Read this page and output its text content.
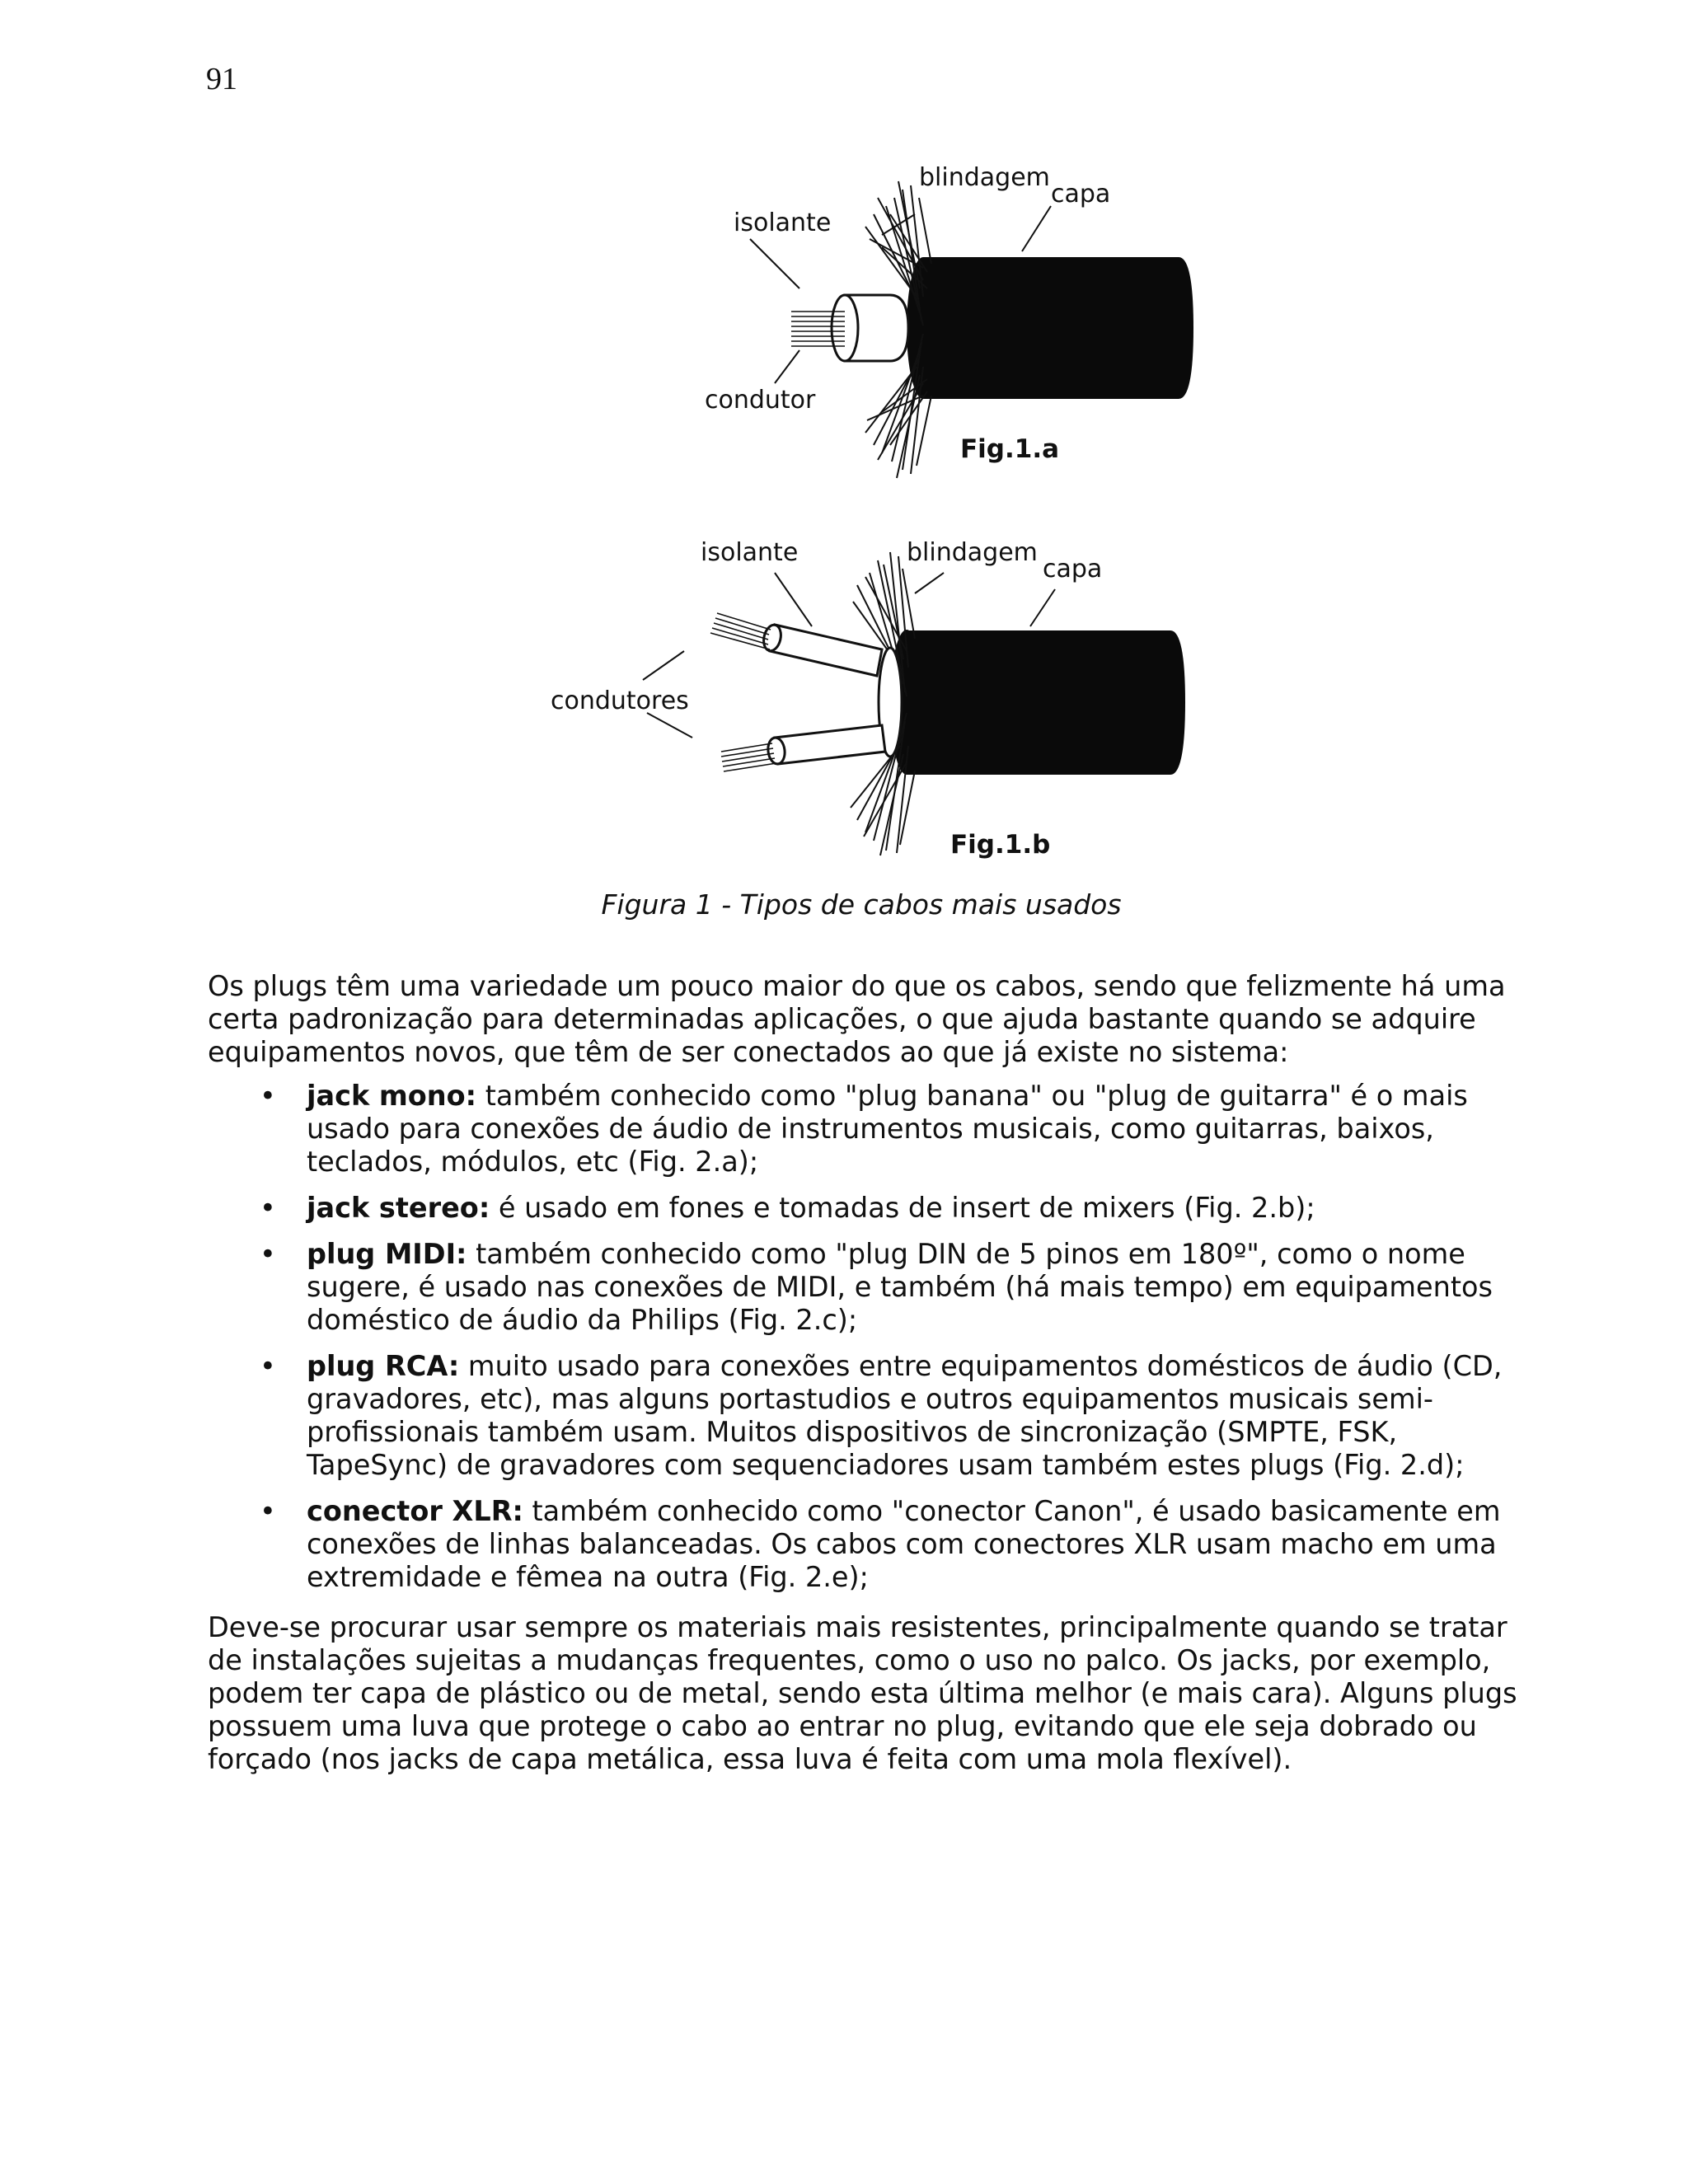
91
blindagem
capa
isolante
condutor
Fig.1.a
isolante	blindagem
capa
condutores
Fig.1.b
Figura 1 - Tipos de cabos mais usados

Os plugs têm uma variedade um pouco maior do que os cabos, sendo que felizmente há uma certa padronização para determinadas aplicações, o que ajuda bastante quando se adquire equipamentos novos, que têm de ser conectados ao que já existe no sistema:

• jack mono: também conhecido como "plug banana" ou "plug de guitarra" é o mais usado para conexões de áudio de instrumentos musicais, como guitarras, baixos, teclados, módulos, etc (Fig. 2.a);
• jack stereo: é usado em fones e tomadas de insert de mixers (Fig. 2.b);
• plug MIDI: também conhecido como "plug DIN de 5 pinos em 180º", como o nome sugere, é usado nas conexões de MIDI, e também (há mais tempo) em equipamentos doméstico de áudio da Philips (Fig. 2.c);
• plug RCA: muito usado para conexões entre equipamentos domésticos de áudio (CD, gravadores, etc), mas alguns portastudios e outros equipamentos musicais semi-profissionais também usam. Muitos dispositivos de sincronização (SMPTE, FSK, TapeSync) de gravadores com sequenciadores usam também estes plugs (Fig. 2.d);
• conector XLR: também conhecido como "conector Canon", é usado basicamente em conexões de linhas balanceadas. Os cabos com conectores XLR usam macho em uma extremidade e fêmea na outra (Fig. 2.e);

Deve-se procurar usar sempre os materiais mais resistentes, principalmente quando se tratar de instalações sujeitas a mudanças frequentes, como o uso no palco. Os jacks, por exemplo, podem ter capa de plástico ou de metal, sendo esta última melhor (e mais cara). Alguns plugs possuem uma luva que protege o cabo ao entrar no plug, evitando que ele seja dobrado ou forçado (nos jacks de capa metálica, essa luva é feita com uma mola flexível).
